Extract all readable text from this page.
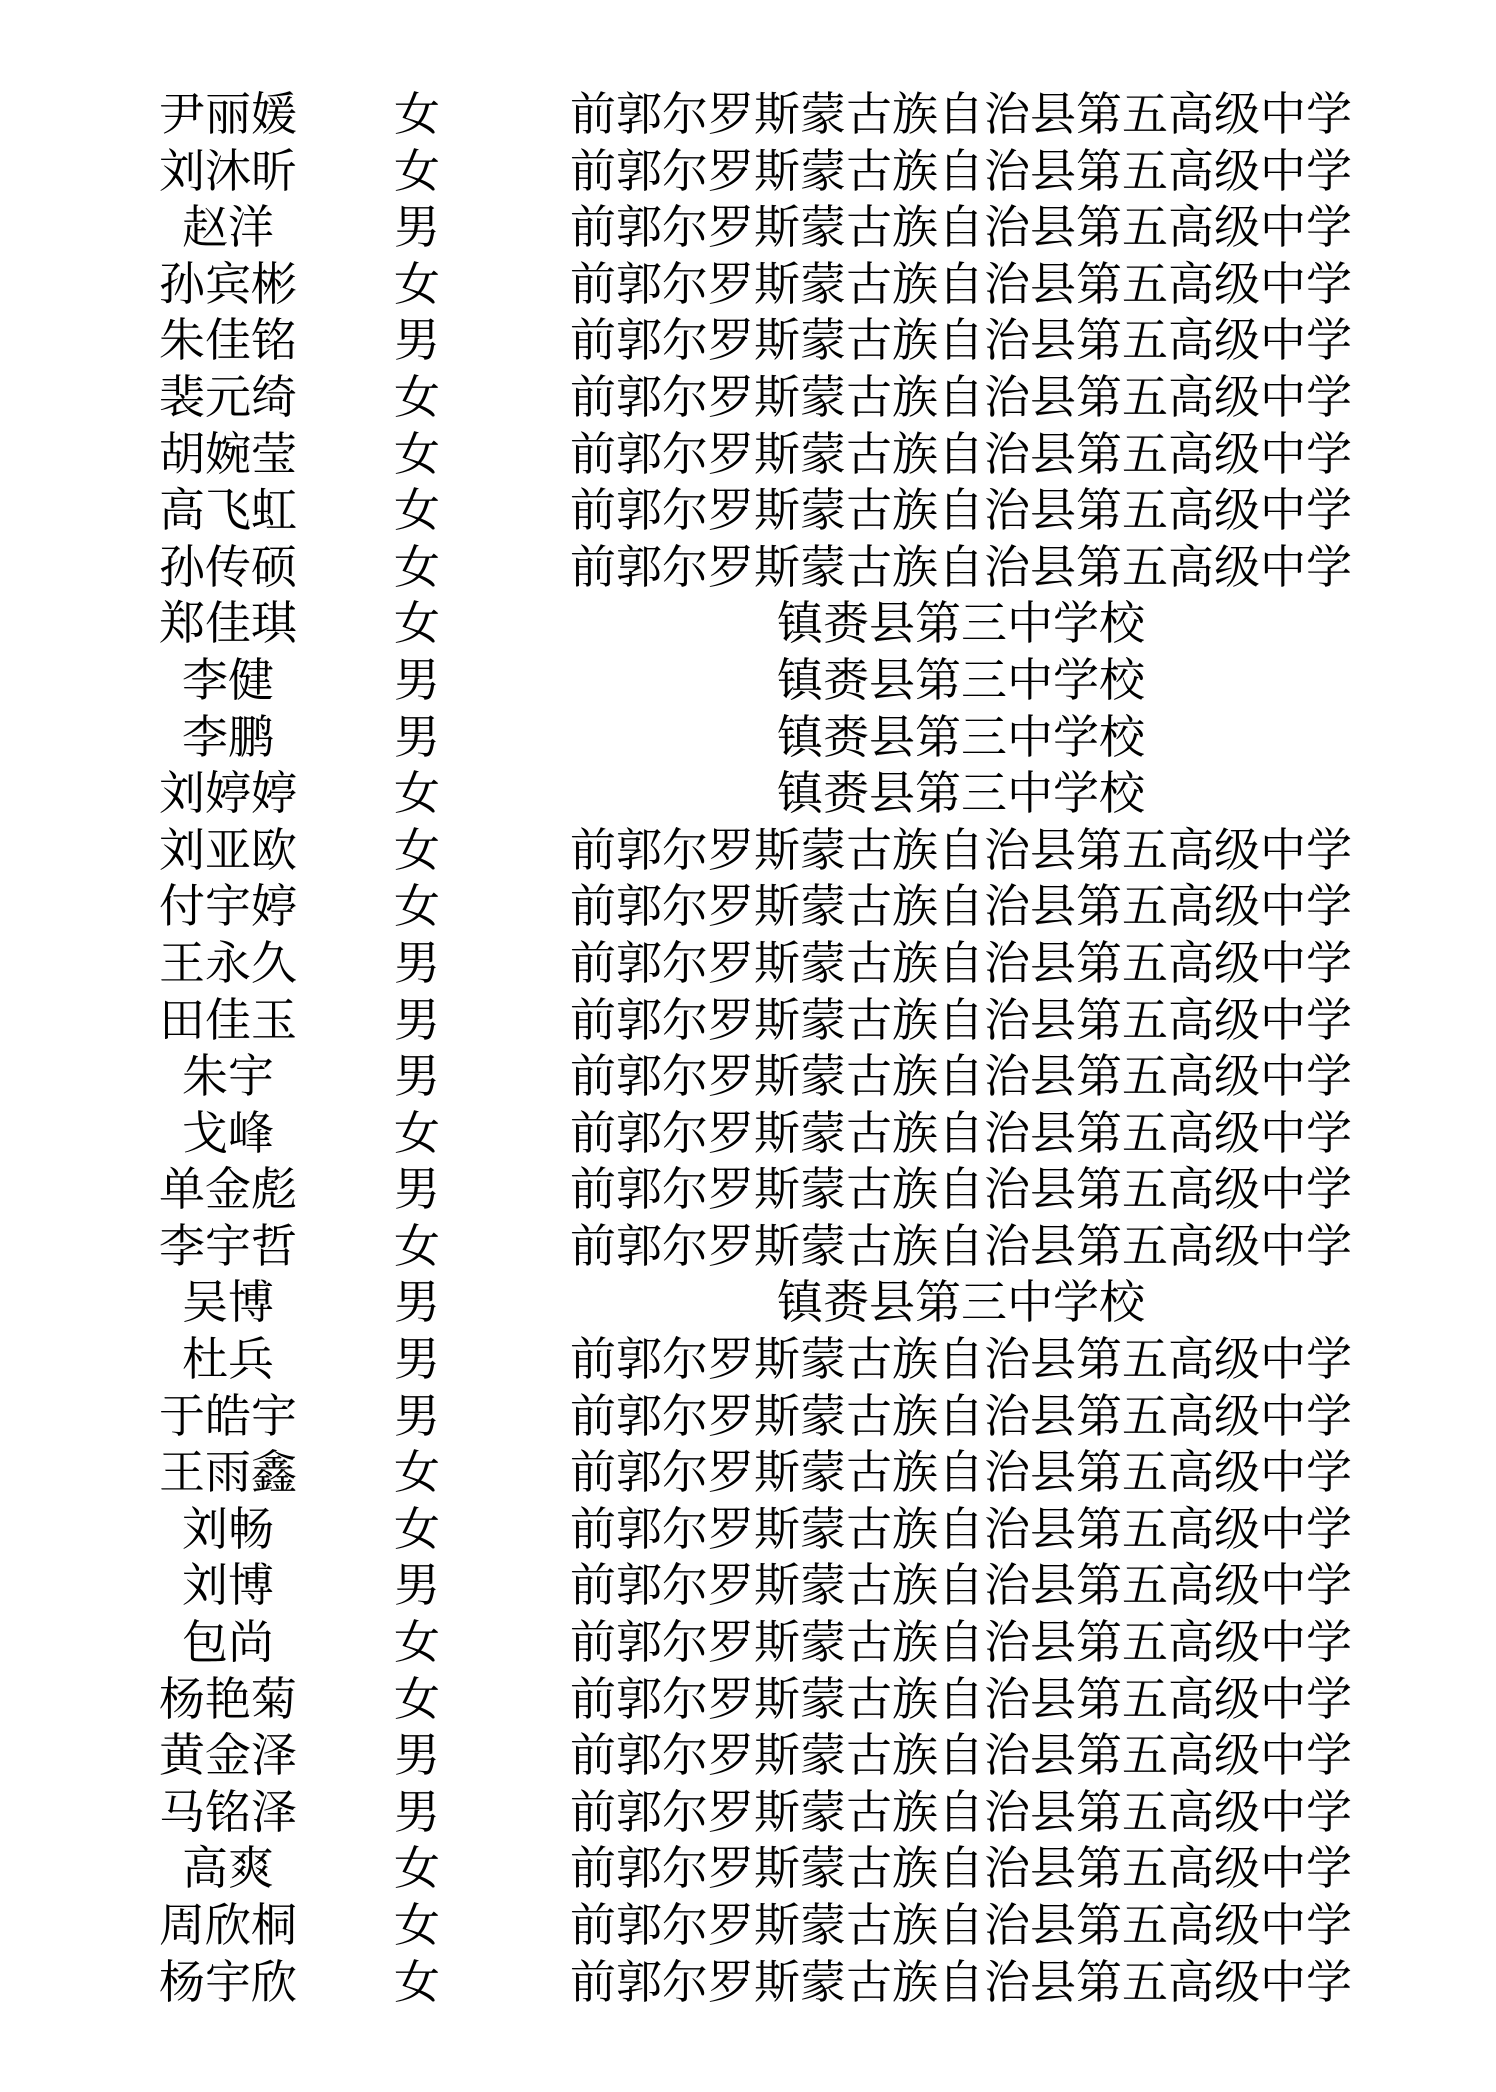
尹丽媛	女	前郭尔罗斯蒙古族自治县第五高级中学
刘沐昕	女	前郭尔罗斯蒙古族自治县第五高级中学
赵洋	男	前郭尔罗斯蒙古族自治县第五高级中学
孙宾彬	女	前郭尔罗斯蒙古族自治县第五高级中学
朱佳铭	男	前郭尔罗斯蒙古族自治县第五高级中学
裴元绮	女	前郭尔罗斯蒙古族自治县第五高级中学
胡婉莹	女	前郭尔罗斯蒙古族自治县第五高级中学
高飞虹	女	前郭尔罗斯蒙古族自治县第五高级中学
孙传硕	女	前郭尔罗斯蒙古族自治县第五高级中学
郑佳琪	女	镇赉县第三中学校
李健	男	镇赉县第三中学校
李鹏	男	镇赉县第三中学校
刘婷婷	女	镇赉县第三中学校
刘亚欧	女	前郭尔罗斯蒙古族自治县第五高级中学
付宇婷	女	前郭尔罗斯蒙古族自治县第五高级中学
王永久	男	前郭尔罗斯蒙古族自治县第五高级中学
田佳玉	男	前郭尔罗斯蒙古族自治县第五高级中学
朱宇	男	前郭尔罗斯蒙古族自治县第五高级中学
戈峰	女	前郭尔罗斯蒙古族自治县第五高级中学
单金彪	男	前郭尔罗斯蒙古族自治县第五高级中学
李宇哲	女	前郭尔罗斯蒙古族自治县第五高级中学
吴博	男	镇赉县第三中学校
杜兵	男	前郭尔罗斯蒙古族自治县第五高级中学
于皓宇	男	前郭尔罗斯蒙古族自治县第五高级中学
王雨鑫	女	前郭尔罗斯蒙古族自治县第五高级中学
刘畅	女	前郭尔罗斯蒙古族自治县第五高级中学
刘博	男	前郭尔罗斯蒙古族自治县第五高级中学
包尚	女	前郭尔罗斯蒙古族自治县第五高级中学
杨艳菊	女	前郭尔罗斯蒙古族自治县第五高级中学
黄金泽	男	前郭尔罗斯蒙古族自治县第五高级中学
马铭泽	男	前郭尔罗斯蒙古族自治县第五高级中学
高爽	女	前郭尔罗斯蒙古族自治县第五高级中学
周欣桐	女	前郭尔罗斯蒙古族自治县第五高级中学
杨宇欣	女	前郭尔罗斯蒙古族自治县第五高级中学
